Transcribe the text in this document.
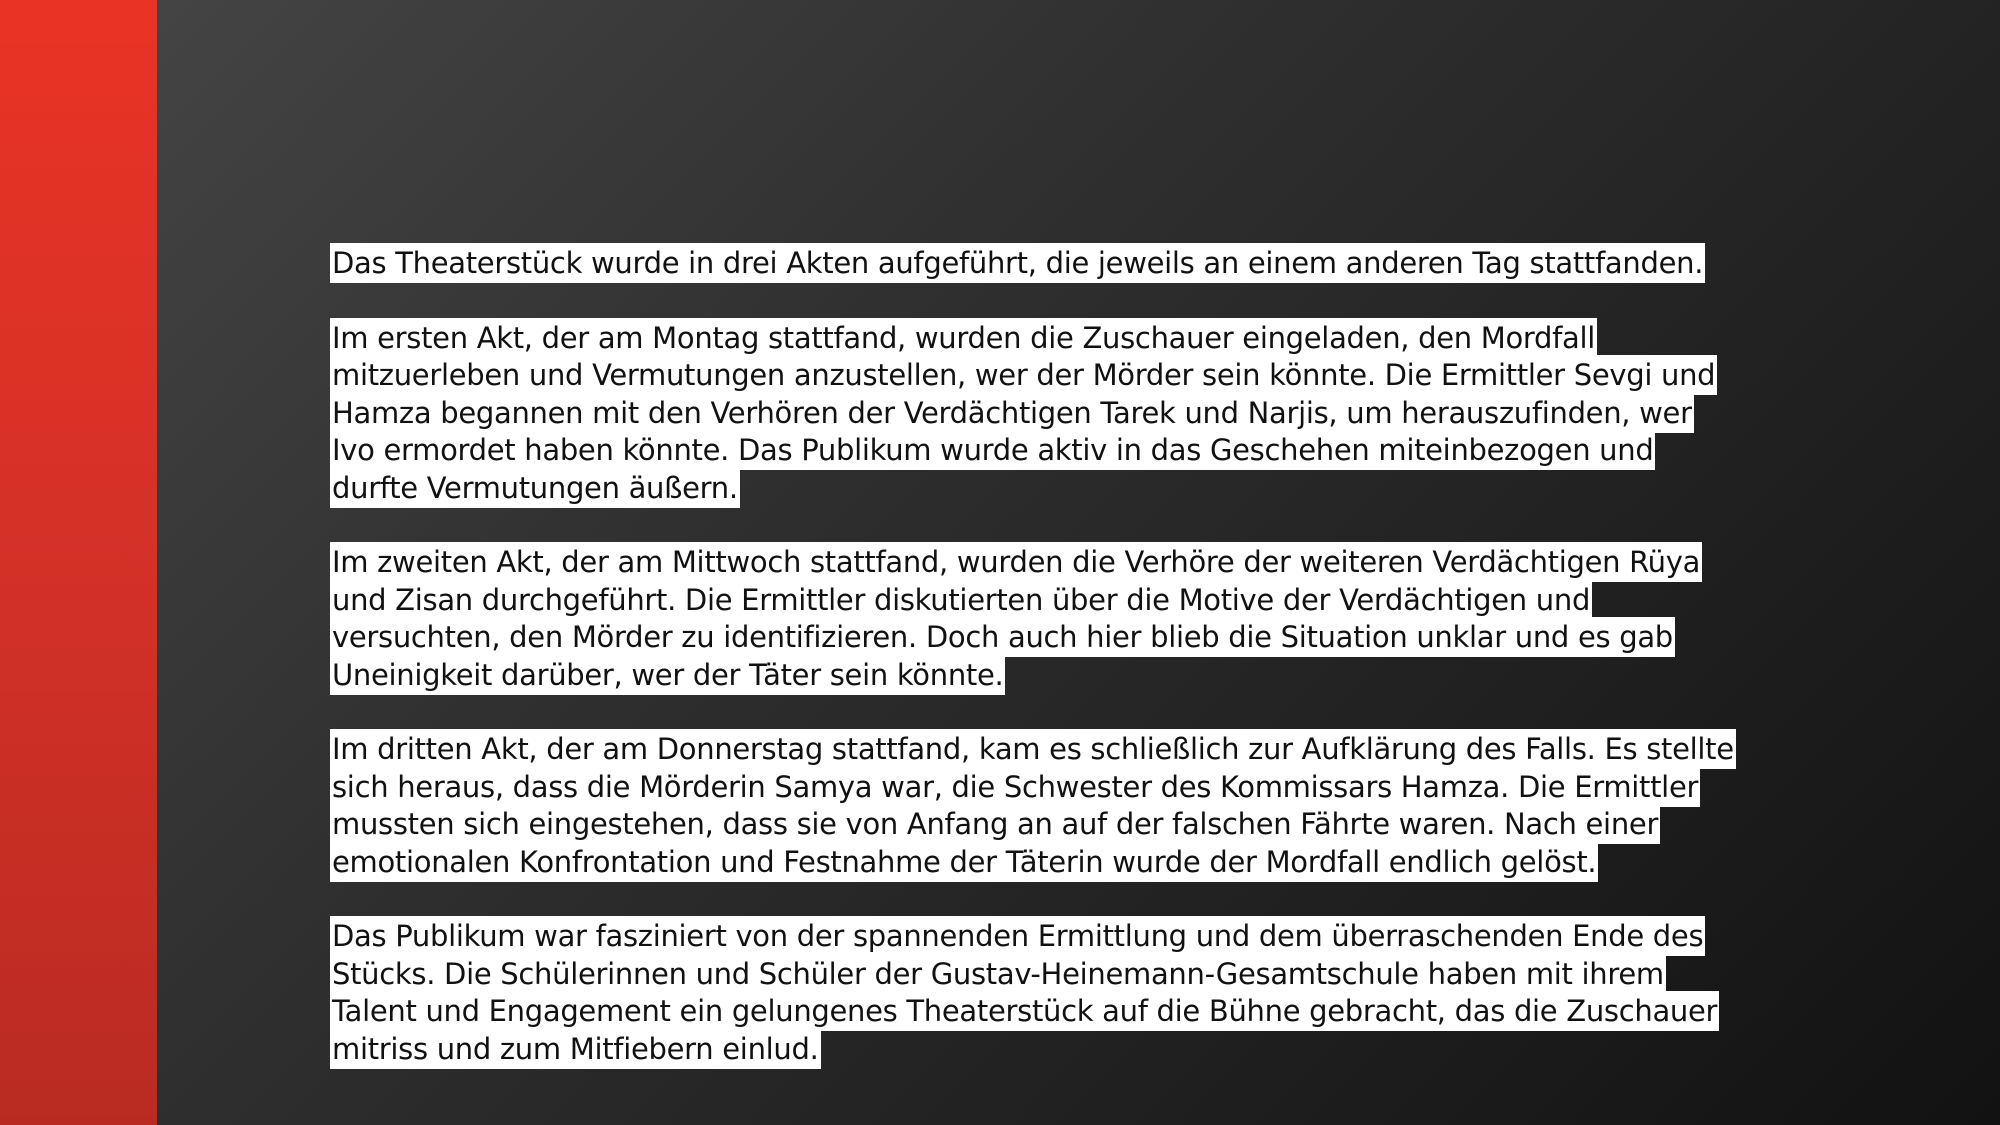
Das Theaterstück wurde in drei Akten aufgeführt, die jeweils an einem anderen Tag stattfanden.

Im ersten Akt, der am Montag stattfand, wurden die Zuschauer eingeladen, den Mordfall
mitzuerleben und Vermutungen anzustellen, wer der Mörder sein könnte. Die Ermittler Sevgi und
Hamza begannen mit den Verhören der Verdächtigen Tarek und Narjis, um herauszufinden, wer
Ivo ermordet haben könnte. Das Publikum wurde aktiv in das Geschehen miteinbezogen und
durfte Vermutungen äußern.

Im zweiten Akt, der am Mittwoch stattfand, wurden die Verhöre der weiteren Verdächtigen Rüya
und Zisan durchgeführt. Die Ermittler diskutierten über die Motive der Verdächtigen und
versuchten, den Mörder zu identifizieren. Doch auch hier blieb die Situation unklar und es gab
Uneinigkeit darüber, wer der Täter sein könnte.

Im dritten Akt, der am Donnerstag stattfand, kam es schließlich zur Aufklärung des Falls. Es stellte
sich heraus, dass die Mörderin Samya war, die Schwester des Kommissars Hamza. Die Ermittler
mussten sich eingestehen, dass sie von Anfang an auf der falschen Fährte waren. Nach einer
emotionalen Konfrontation und Festnahme der Täterin wurde der Mordfall endlich gelöst.

Das Publikum war fasziniert von der spannenden Ermittlung und dem überraschenden Ende des
Stücks. Die Schülerinnen und Schüler der Gustav-Heinemann-Gesamtschule haben mit ihrem
Talent und Engagement ein gelungenes Theaterstück auf die Bühne gebracht, das die Zuschauer
mitriss und zum Mitfiebern einlud.
